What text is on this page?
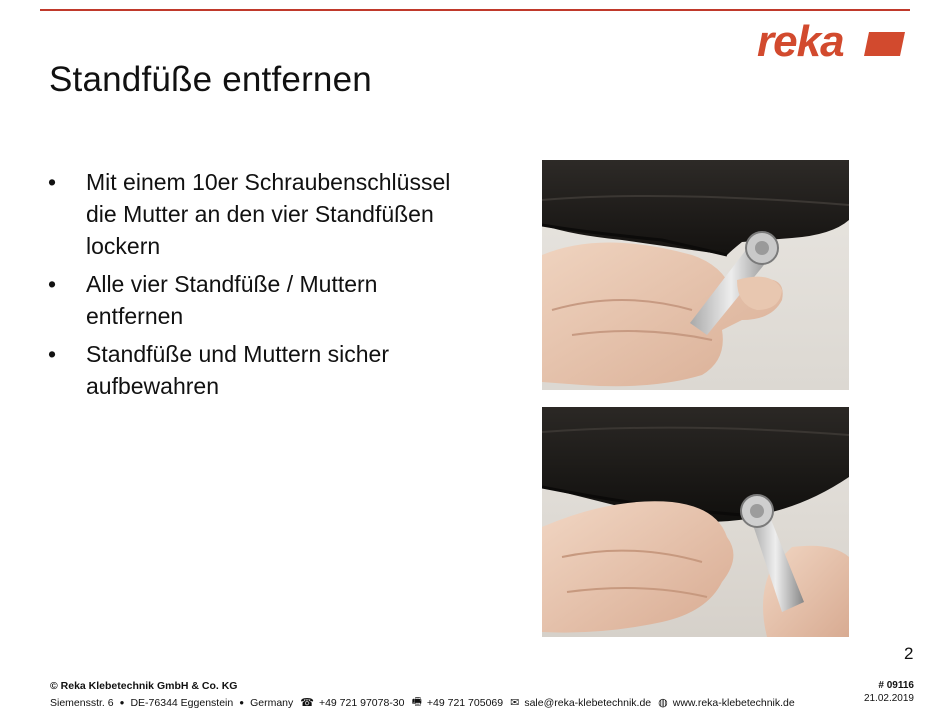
reka
Standfüße entfernen
• Mit einem 10er Schraubenschlüssel die Mutter an den vier Standfüßen lockern
• Alle vier Standfüße / Muttern entfernen
• Standfüße und Muttern sicher aufbewahren
2
© Reka Klebetechnik GmbH & Co. KG
Siemensstr. 6 ● DE-76344 Eggenstein ● Germany ☎ +49 721 97078-30 🖷 +49 721 705069 ✉ sale@reka-klebetechnik.de ◍ www.reka-klebetechnik.de
# 09116
21.02.2019
